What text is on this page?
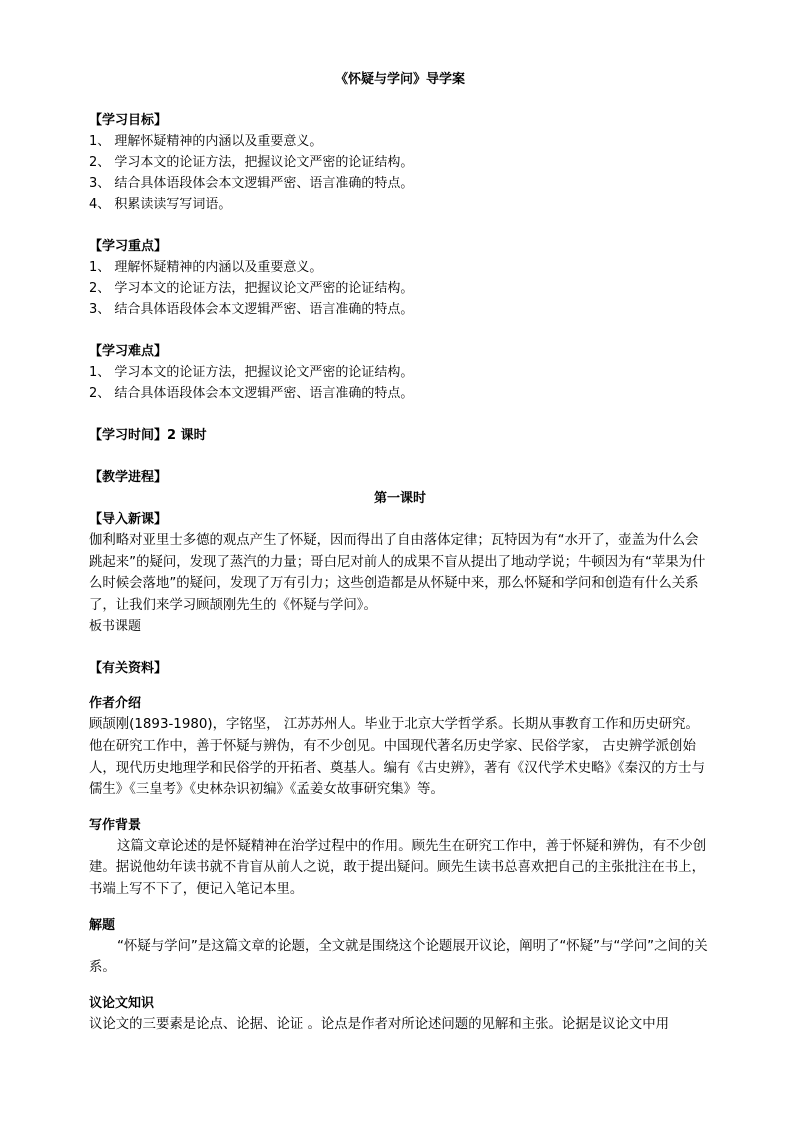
《怀疑与学问》导学案

【学习目标】

1、 理解怀疑精神的内涵以及重要意义。

2、 学习本文的论证方法，把握议论文严密的论证结构。

3、 结合具体语段体会本文逻辑严密、语言准确的特点。

4、 积累读读写写词语。

【学习重点】

1、 理解怀疑精神的内涵以及重要意义。

2、 学习本文的论证方法，把握议论文严密的论证结构。

3、 结合具体语段体会本文逻辑严密、语言准确的特点。

【学习难点】

1、 学习本文的论证方法，把握议论文严密的论证结构。

2、 结合具体语段体会本文逻辑严密、语言准确的特点。

【学习时间】2 课时

【教学进程】

第一课时

【导入新课】

伽利略对亚里士多德的观点产生了怀疑，因而得出了自由落体定律；瓦特因为有“水开了，壶盖为什么会跳起来”的疑问，发现了蒸汽的力量；哥白尼对前人的成果不盲从提出了地动学说；牛顿因为有“苹果为什么时候会落地”的疑问，发现了万有引力；这些创造都是从怀疑中来，那么怀疑和学问和创造有什么关系了，让我们来学习顾颉刚先生的《怀疑与学问》。

板书课题

【有关资料】

作者介绍

顾颉刚(1893-1980)，字铭坚， 江苏苏州人。毕业于北京大学哲学系。长期从事教育工作和历史研究。他在研究工作中，善于怀疑与辨伪，有不少创见。中国现代著名历史学家、民俗学家， 古史辨学派创始人，现代历史地理学和民俗学的开拓者、奠基人。编有《古史辨》，著有《汉代学术史略》《秦汉的方士与儒生》《三皇考》《史林杂识初编》《孟姜女故事研究集》等。

写作背景

这篇文章论述的是怀疑精神在治学过程中的作用。顾先生在研究工作中，善于怀疑和辨伪，有不少创建。据说他幼年读书就不肯盲从前人之说，敢于提出疑问。顾先生读书总喜欢把自己的主张批注在书上，书端上写不下了，便记入笔记本里。

解题

“怀疑与学问”是这篇文章的论题，全文就是围绕这个论题展开议论，阐明了“怀疑”与“学问”之间的关系。

议论文知识

议论文的三要素是论点、论据、论证 。论点是作者对所论述问题的见解和主张。论据是议论文中用
